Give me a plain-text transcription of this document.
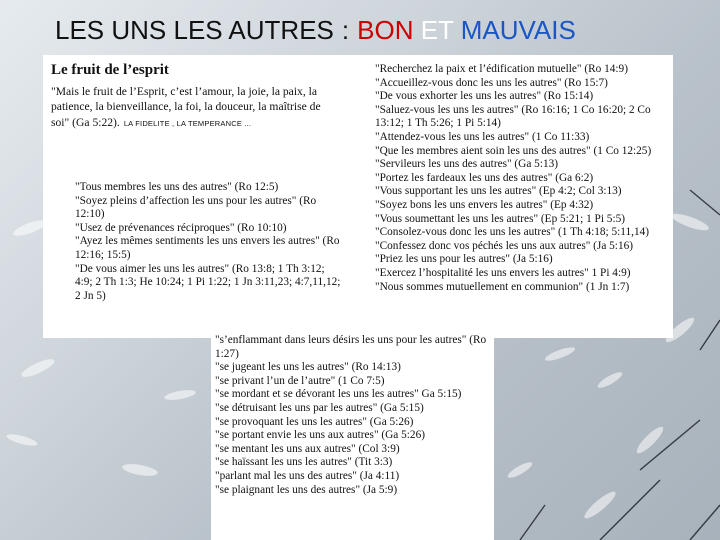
LES UNS LES AUTRES : BON ET MAUVAIS
Le fruit de l’esprit
"Mais le fruit de l’Esprit, c’est l’amour, la joie, la paix, la patience, la bienveillance, la foi, la douceur, la maîtrise de soi" (Ga 5:22). LA FIDELITE , LA TEMPERANCE ...
"Tous membres les uns des autres" (Ro 12:5)
"Soyez pleins d’affection les uns pour les autres" (Ro 12:10)
"Usez de prévenances réciproques" (Ro 10:10)
"Ayez les mêmes sentiments les uns envers les autres" (Ro 12:16; 15:5)
"De vous aimer les uns les autres" (Ro 13:8; 1 Th 3:12; 4:9; 2 Th 1:3; He 10:24; 1 Pi 1:22; 1 Jn 3:11,23; 4:7,11,12; 2 Jn 5)
"Recherchez la paix et l’édification mutuelle" (Ro 14:9)
"Accueillez-vous donc les uns les autres" (Ro 15:7)
"De vous exhorter les uns les autres" (Ro 15:14)
"Saluez-vous les uns les autres" (Ro 16:16; 1 Co 16:20; 2 Co 13:12; 1 Th 5:26; 1 Pi 5:14)
"Attendez-vous les uns les autres" (1 Co 11:33)
"Que les membres aient soin les uns des autres" (1 Co 12:25)
"Servileurs les uns des autres" (Ga 5:13)
"Portez les fardeaux les uns des autres" (Ga 6:2)
"Vous supportant les uns les autres" (Ep 4:2; Col 3:13)
"Soyez bons les uns envers les autres" (Ep 4:32)
"Vous soumettant les uns les autres" (Ep 5:21; 1 Pi 5:5)
"Consolez-vous donc les uns les autres" (1 Th 4:18; 5:11,14)
"Confessez donc vos péchés les uns aux autres" (Ja 5:16)
"Priez les uns pour les autres" (Ja 5:16)
"Exercez l’hospitalité les uns envers les autres" 1 Pi 4:9)
"Nous sommes mutuellement en communion" (1 Jn 1:7)
"s’enflammant dans leurs désirs les uns pour les autres" (Ro 1:27)
"se jugeant les uns les autres" (Ro 14:13)
"se privant l’un de l’autre" (1 Co 7:5)
"se mordant et se dévorant les uns les autres" Ga 5:15)
"se détruisant les uns par les autres" (Ga 5:15)
"se provoquant les uns les autres" (Ga 5:26)
"se portant envie les uns aux autres" (Ga 5:26)
"se mentant les uns aux autres" (Col 3:9)
"se haïssant les uns les autres" (Tit 3:3)
"parlant mal les uns des autres" (Ja 4:11)
"se plaignant les uns des autres" (Ja 5:9)
